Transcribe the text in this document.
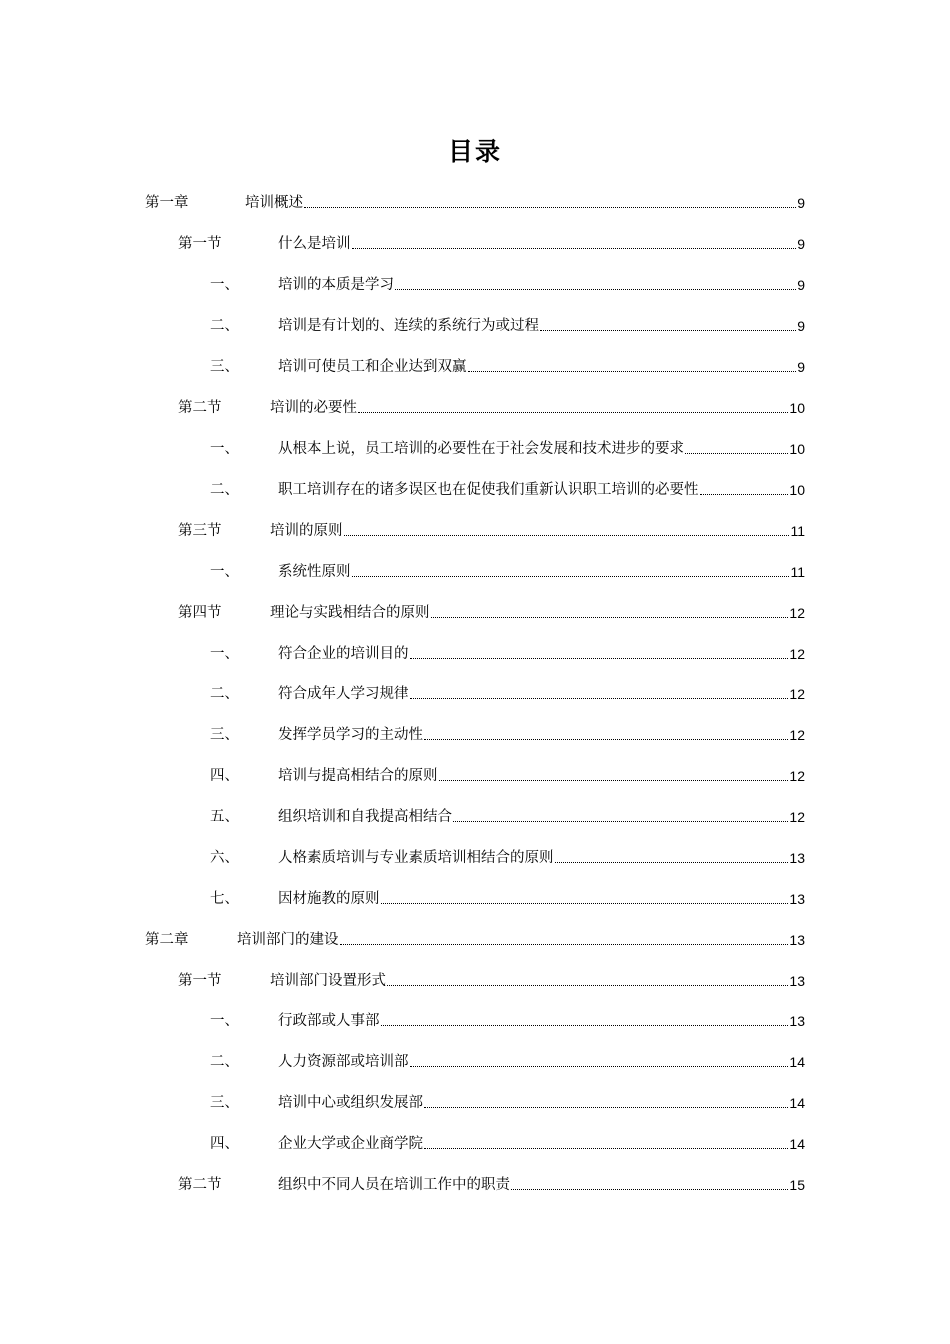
目录
第一章	培训概述	9
第一节	什么是培训	9
一、	培训的本质是学习	9
二、	培训是有计划的、连续的系统行为或过程	9
三、	培训可使员工和企业达到双赢	9
第二节	培训的必要性	10
一、	从根本上说，员工培训的必要性在于社会发展和技术进步的要求	10
二、	职工培训存在的诸多误区也在促使我们重新认识职工培训的必要性	10
第三节	培训的原则	11
一、	系统性原则	11
第四节	理论与实践相结合的原则	12
一、	符合企业的培训目的	12
二、	符合成年人学习规律	12
三、	发挥学员学习的主动性	12
四、	培训与提高相结合的原则	12
五、	组织培训和自我提高相结合	12
六、	人格素质培训与专业素质培训相结合的原则	13
七、	因材施教的原则	13
第二章	培训部门的建设	13
第一节	培训部门设置形式	13
一、	行政部或人事部	13
二、	人力资源部或培训部	14
三、	培训中心或组织发展部	14
四、	企业大学或企业商学院	14
第二节	组织中不同人员在培训工作中的职责	15
